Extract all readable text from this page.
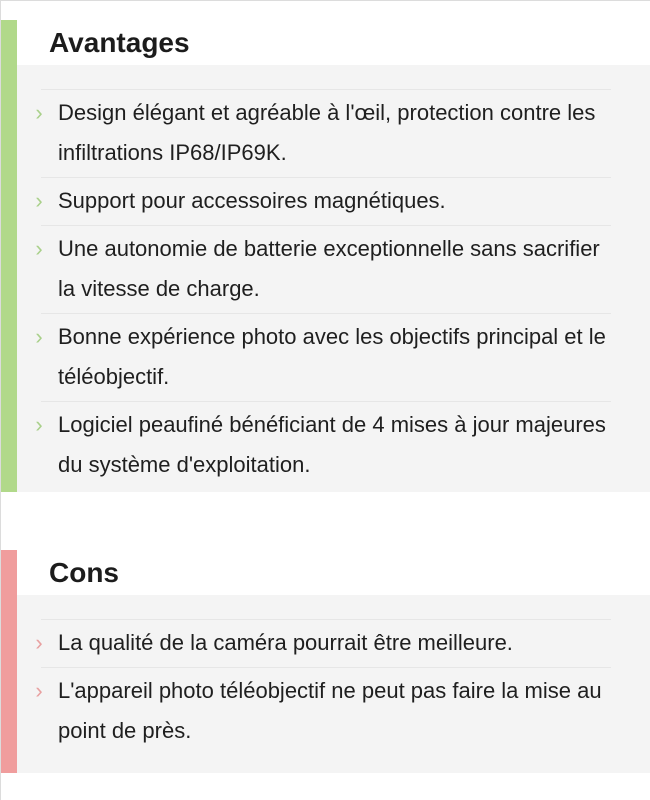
Avantages
› Design élégant et agréable à l'œil, protection contre les infiltrations IP68/IP69K.
› Support pour accessoires magnétiques.
› Une autonomie de batterie exceptionnelle sans sacrifier la vitesse de charge.
› Bonne expérience photo avec les objectifs principal et le téléobjectif.
› Logiciel peaufiné bénéficiant de 4 mises à jour majeures du système d'exploitation.
Cons
› La qualité de la caméra pourrait être meilleure.
› L'appareil photo téléobjectif ne peut pas faire la mise au point de près.
